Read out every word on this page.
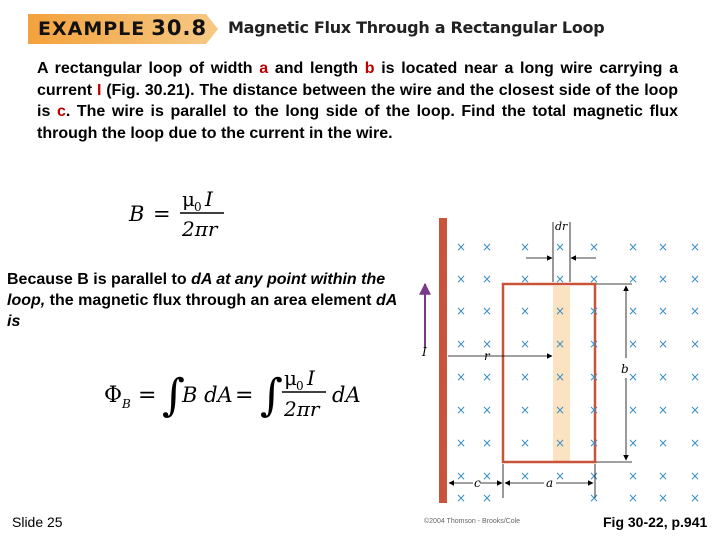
EXAMPLE 30.8 Magnetic Flux Through a Rectangular Loop
A rectangular loop of width a and length b is located near a long wire carrying a current I (Fig. 30.21). The distance between the wire and the closest side of the loop is c. The wire is parallel to the long side of the loop. Find the total magnetic flux through the loop due to the current in the wire.
B =
μ 0 I
2πr
Because B is parallel to dA at any point within the loop, the magnetic flux through an area element dA is
Φ B = ∫
B dA = ∫ μ 0 I
2πr
dA
I
× × × × × × × ×
× × × × × × × ×
× × × × × × × ×
× × × × × × × ×
× × × × × × × ×
× × × × × × × ×
× × × × × × × ×
× × × × × × × ×
× ×	× × × ×
dr
r
b
c	a
©2004 Thomson - Brooks/Cole
Slide 25	Fig 30-22, p.941
